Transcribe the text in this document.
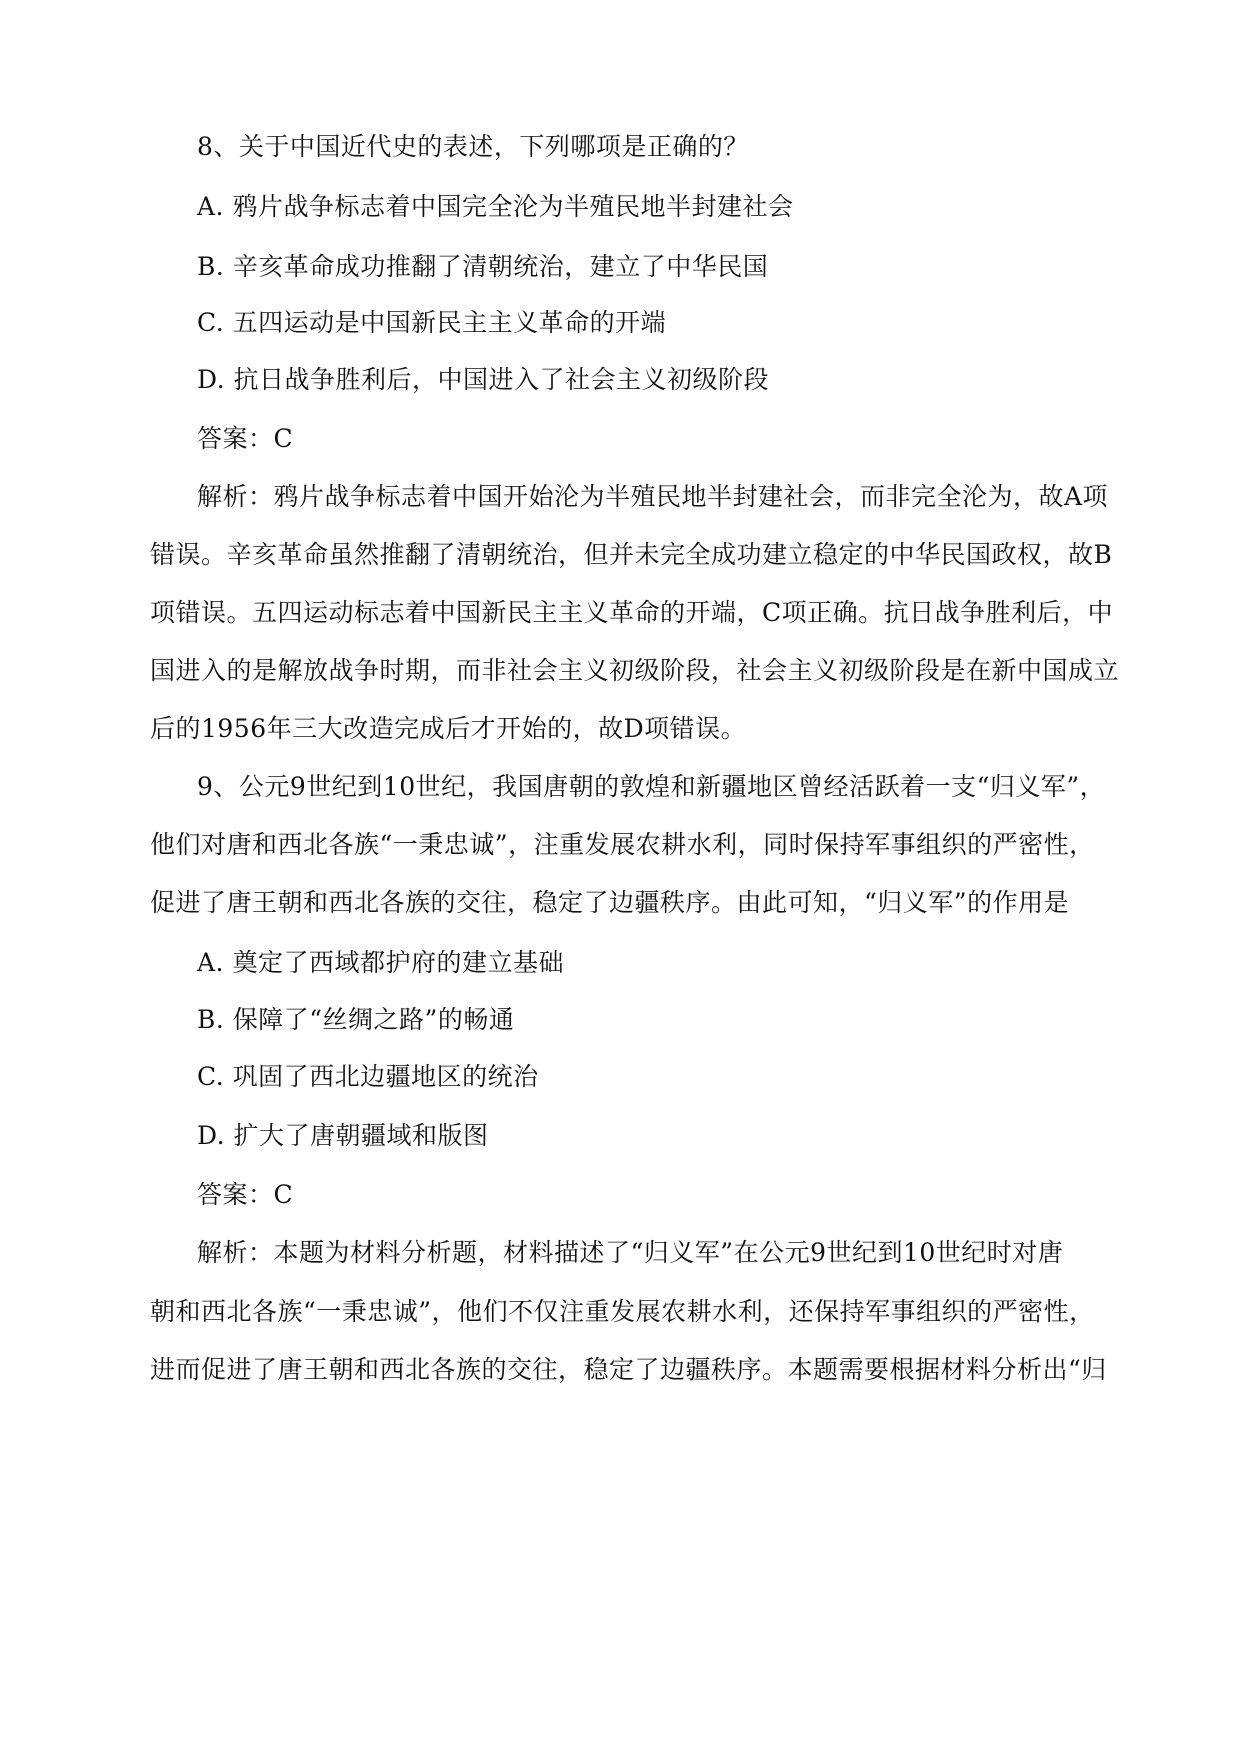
8、关于中国近代史的表述，下列哪项是正确的？
A. 鸦片战争标志着中国完全沦为半殖民地半封建社会
B. 辛亥革命成功推翻了清朝统治，建立了中华民国
C. 五四运动是中国新民主主义革命的开端
D. 抗日战争胜利后，中国进入了社会主义初级阶段
答案：C
解析：鸦片战争标志着中国开始沦为半殖民地半封建社会，而非完全沦为，故A项
错误。辛亥革命虽然推翻了清朝统治，但并未完全成功建立稳定的中华民国政权，故B
项错误。五四运动标志着中国新民主主义革命的开端，C项正确。抗日战争胜利后，中
国进入的是解放战争时期，而非社会主义初级阶段，社会主义初级阶段是在新中国成立
后的1956年三大改造完成后才开始的，故D项错误。
9、公元9世纪到10世纪，我国唐朝的敦煌和新疆地区曾经活跃着一支“归义军”，
他们对唐和西北各族“一秉忠诚”，注重发展农耕水利，同时保持军事组织的严密性，
促进了唐王朝和西北各族的交往，稳定了边疆秩序。由此可知，“归义军”的作用是
A. 奠定了西域都护府的建立基础
B. 保障了“丝绸之路”的畅通
C. 巩固了西北边疆地区的统治
D. 扩大了唐朝疆域和版图
答案：C
解析：本题为材料分析题，材料描述了“归义军”在公元9世纪到10世纪时对唐
朝和西北各族“一秉忠诚”，他们不仅注重发展农耕水利，还保持军事组织的严密性，
进而促进了唐王朝和西北各族的交往，稳定了边疆秩序。本题需要根据材料分析出“归
